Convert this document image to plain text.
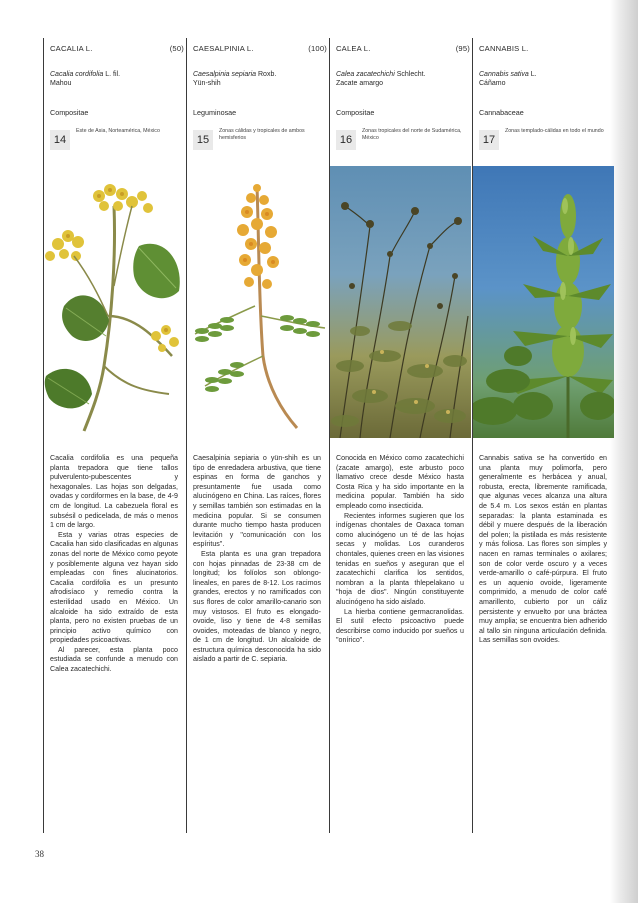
CACALIA L.	(50)
Cacalia cordifolia L. fil.
Mahou
Compositae
14
Este de Asia, Norteamérica, México

Cacalia cordifolia es una pequeña planta trepadora que tiene tallos pulverulento-pubescentes y hexagonales. Las hojas son delgadas, ovadas y cordiformes en la base, de 4-9 cm de longitud. La cabezuela floral es subsésil o pedicelada, de más o menos 1 cm de largo.

Esta y varias otras especies de Cacalia han sido clasificadas en algunas zonas del norte de México como peyote y posiblemente alguna vez hayan sido empleadas con fines alucinatorios. Cacalia cordifolia es un presunto afrodisíaco y remedio contra la esterilidad usado en México. Un alcaloide ha sido extraído de esta planta, pero no existen pruebas de un principio activo químico con propiedades psicoactivas.

Al parecer, esta planta poco estudiada se confunde a menudo con Calea zacatechichi.

CAESALPINIA L.	(100)
Caesalpinia sepiaria Roxb.
Yün-shih
Leguminosae
15
Zonas cálidas y tropicales de ambos hemisferios

Caesalpinia sepiaria o yün-shih es un tipo de enredadera arbustiva, que tiene espinas en forma de ganchos y presuntamente fue usada como alucinógeno en China. Las raíces, flores y semillas también son estimadas en la medicina popular. Si se consumen durante mucho tiempo hasta producen levitación y "comunicación con los espíritus".

Esta planta es una gran trepadora con hojas pinnadas de 23-38 cm de longitud; los folíolos son oblongo-lineales, en pares de 8-12. Los racimos grandes, erectos y no ramificados con sus flores de color amarillo-canario son muy vistosos. El fruto es elongado-ovoide, liso y tiene de 4-8 semillas ovoides, moteadas de blanco y negro, de 1 cm de longitud. Un alcaloide de estructura química desconocida ha sido aislado a partir de C. sepiaria.

CALEA L.	(95)
Calea zacatechichi Schlecht.
Zacate amargo
Compositae
16
Zonas tropicales del norte de Sudamérica, México

Conocida en México como zacatechichi (zacate amargo), este arbusto poco llamativo crece desde México hasta Costa Rica y ha sido importante en la medicina popular. También ha sido empleado como insecticida.

Recientes informes sugieren que los indígenas chontales de Oaxaca toman como alucinógeno un té de las hojas secas y molidas. Los curanderos chontales, quienes creen en las visiones tenidas en sueños y aseguran que el zacatechichi clarifica los sentidos, nombran a la planta thlepelakano u "hoja de dios". Ningún constituyente alucinógeno ha sido aislado.

La hierba contiene germacranolidas. El sutil efecto psicoactivo puede describirse como inducido por sueños u "onírico".

CANNABIS L.
Cannabis sativa L.
Cáñamo
Cannabaceae
17
Zonas templado-cálidas en todo el mundo

Cannabis sativa se ha convertido en una planta muy polimorfa, pero generalmente es herbácea y anual, robusta, erecta, libremente ramificada, que algunas veces alcanza una altura de 5.4 m. Los sexos están en plantas separadas: la planta estaminada es débil y muere después de la liberación del polen; la pistilada es más resistente y más foliosa. Las flores son simples y nacen en ramas terminales o axilares; son de color verde oscuro y a veces verde-amarillo o café-púrpura. El fruto es un aquenio ovoide, ligeramente comprimido, a menudo de color café amarillento, cubierto por un cáliz persistente y envuelto por una bráctea muy amplia; se encuentra bien adherido al tallo sin ninguna articulación definida. Las semillas son ovoides.

38
